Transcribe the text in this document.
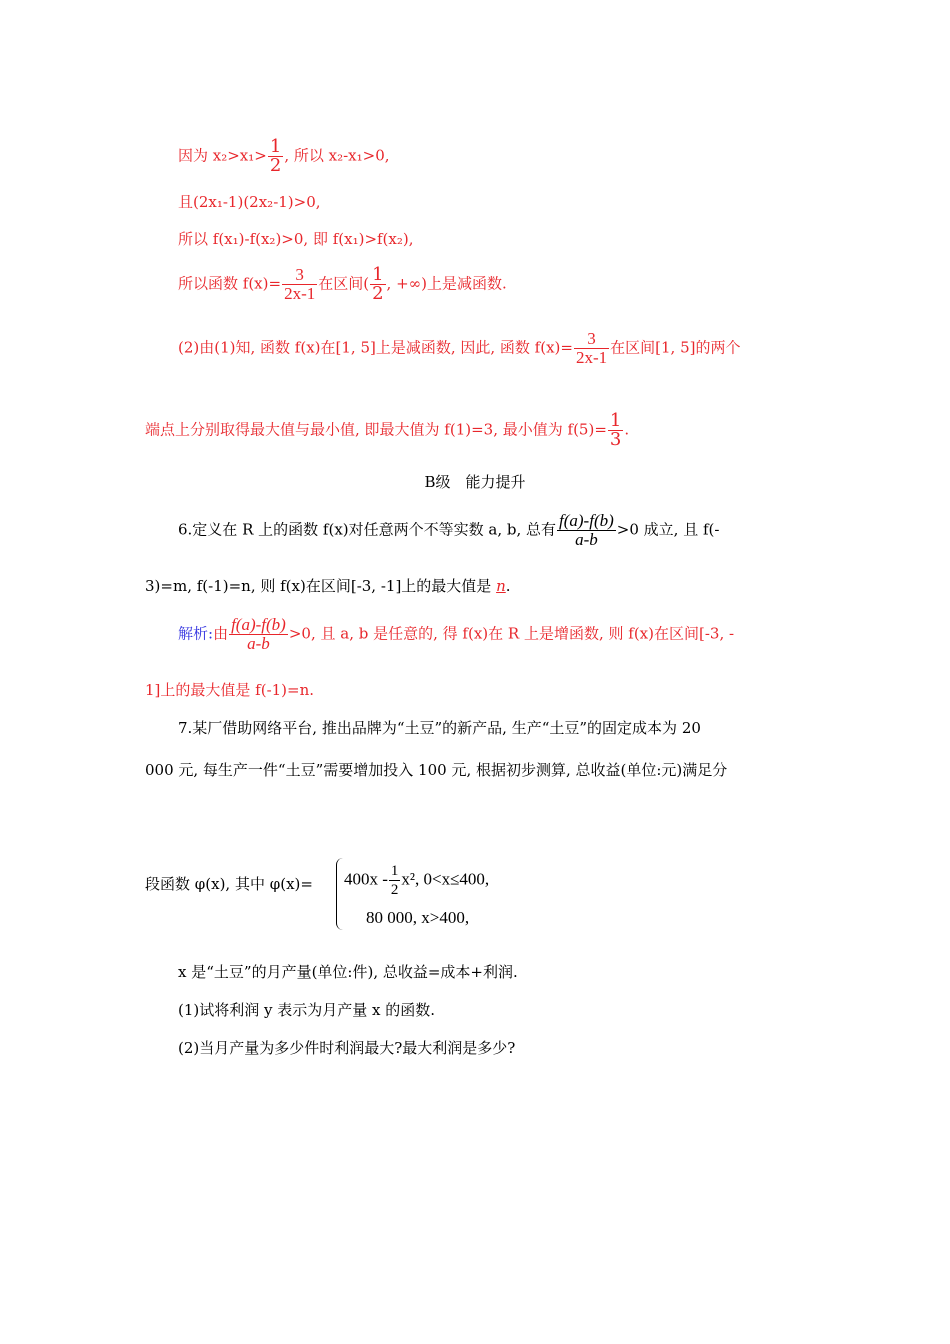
因为 $x_2>x_1> \frac{1}{2}$ , 所以 x₂-x₁>0,
且(2x₁-1)(2x₂-1)>0,
所以 f(x₁)-f(x₂)>0, 即 f(x₁)>f(x₂),
所以函数 $f(x)= \frac{3}{2x-1}$ 在区间( $\frac{1}{2}$ , +∞)上是减函数.
(2)由(1)知, 函数 f(x)在[1, 5]上是减函数, 因此, 函数 $f(x)= \frac{3}{2x-1}$ 在区间[1, 5]的两个
端点上分别取得最大值与最小值, 即最大值为 f(1)=3, 最小值为 $f(5)= \frac{1}{3}$ .
B级　能力提升
6.定义在 R 上的函数 f(x)对任意两个不等实数 a, b, 总有 $\frac{f(a)-f(b)}{a-b} >0$ 成立, 且 f(-
3)=m, f(-1)=n, 则 f(x)在区间[-3, -1]上的最大值是 n.
解析:由 $\frac{f(a)-f(b)}{a-b} >0$, 且 a, b 是任意的, 得 f(x)在 R 上是增函数, 则 f(x)在区间[-3, -
1]上的最大值是 f(-1)=n.
7.某厂借助网络平台, 推出品牌为“土豆”的新产品, 生产“土豆”的固定成本为 20
000 元, 每生产一件“土豆”需要增加投入 100 元, 根据初步测算, 总收益(单位:元)满足分
段函数 φ(x), 其中 $\varphi(x)= 400x - \frac{1}{2} x^2$, 0<x≤400,
80 000, x>400,
x 是“土豆”的月产量(单位:件), 总收益=成本+利润.
(1)试将利润 y 表示为月产量 x 的函数.
(2)当月产量为多少件时利润最大?最大利润是多少?
